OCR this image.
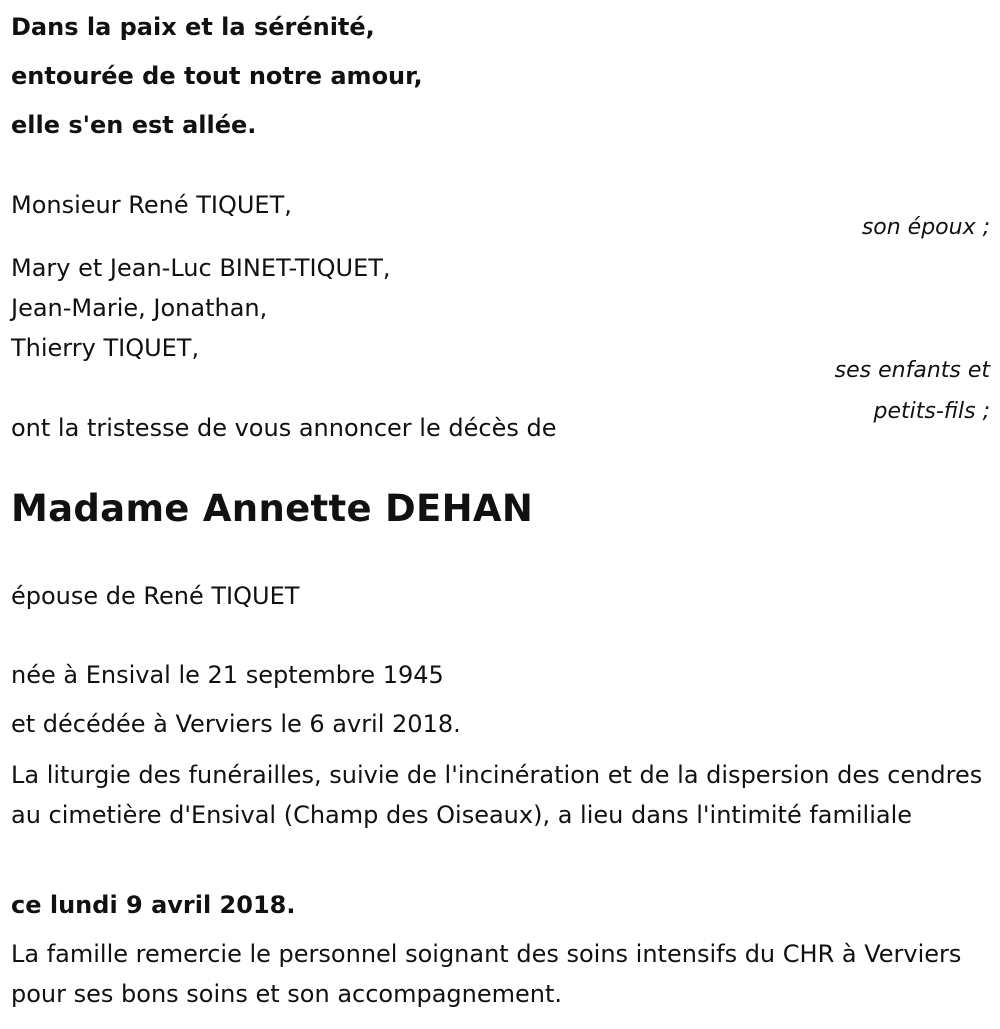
Dans la paix et la sérénité,
entourée de tout notre amour,
elle s'en est allée.
Monsieur René TIQUET,
son époux ;
Mary et Jean-Luc BINET-TIQUET,
Jean-Marie, Jonathan,
Thierry TIQUET,
ses enfants et
petits-fils ;
ont la tristesse de vous annoncer le décès de
Madame Annette DEHAN
épouse de René TIQUET
née à Ensival le 21 septembre 1945
et décédée à Verviers le 6 avril 2018.
La liturgie des funérailles, suivie de l'incinération et de la dispersion des cendres au cimetière d'Ensival (Champ des Oiseaux), a lieu dans l'intimité familiale
ce lundi 9 avril 2018.
La famille remercie le personnel soignant des soins intensifs du CHR à Verviers pour ses bons soins et son accompagnement.
